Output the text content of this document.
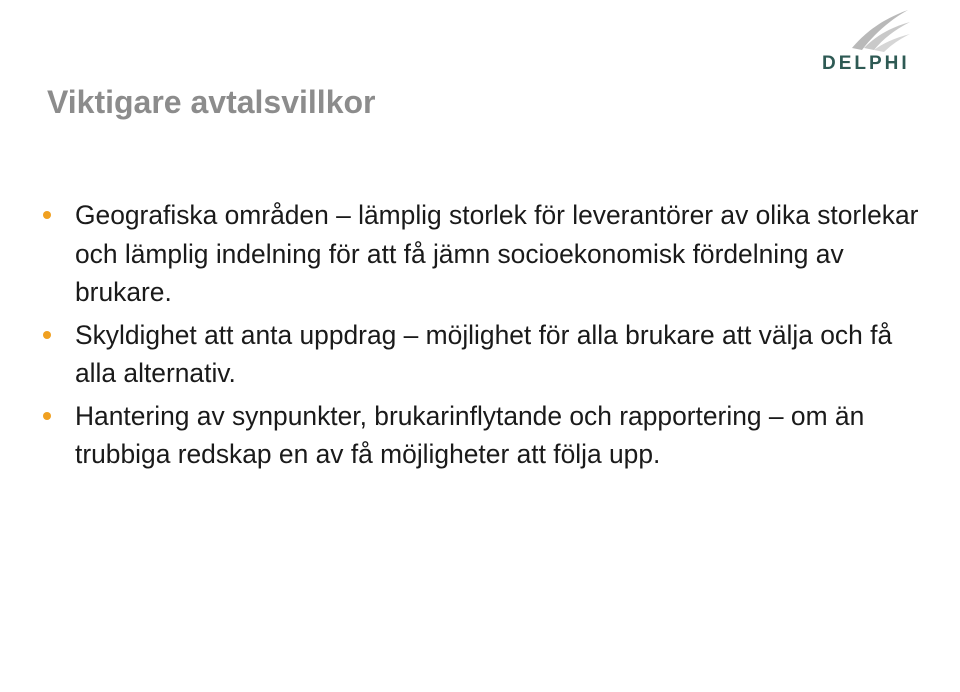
DELPHI
Viktigare avtalsvillkor
Geografiska områden – lämplig storlek för leverantörer av olika storlekar och lämplig indelning för att få jämn socioekonomisk fördelning av brukare.
Skyldighet att anta uppdrag – möjlighet för alla brukare att välja och få alla alternativ.
Hantering av synpunkter, brukarinflytande och rapportering – om än trubbiga redskap en av få möjligheter att följa upp.
